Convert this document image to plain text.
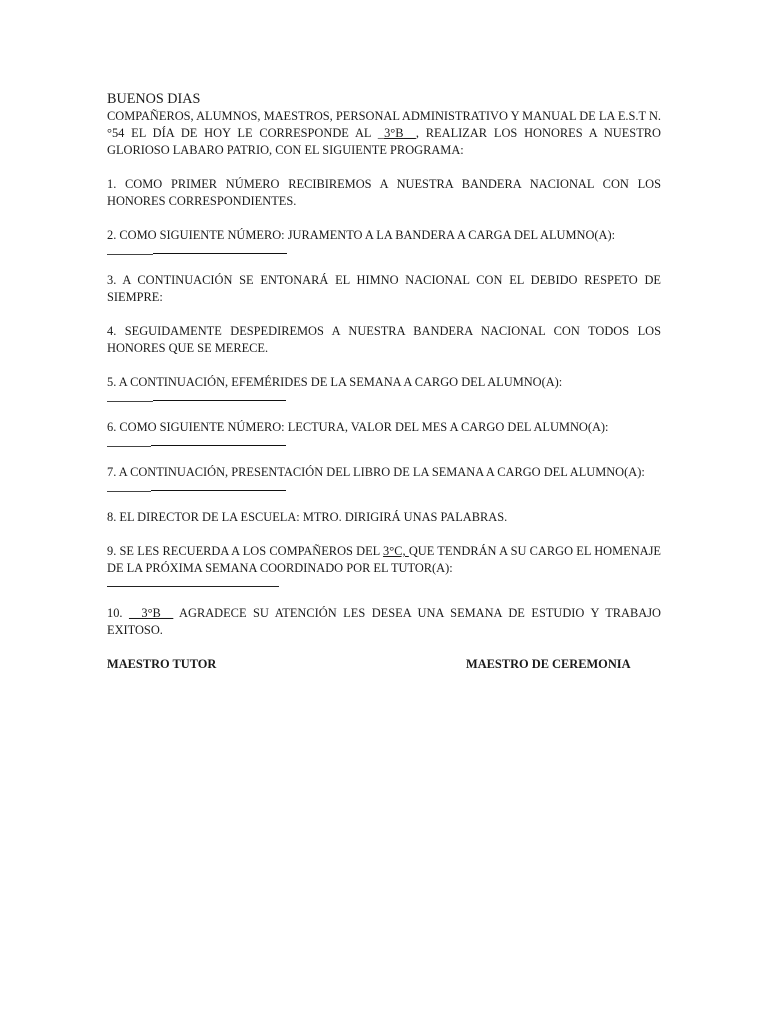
BUENOS DIAS

COMPAÑEROS, ALUMNOS, MAESTROS, PERSONAL ADMINISTRATIVO Y MANUAL DE LA E.S.T N.°54 EL DÍA DE HOY LE CORRESPONDE AL _3°B__, REALIZAR LOS HONORES A NUESTRO GLORIOSO LABARO PATRIO, CON EL SIGUIENTE PROGRAMA:

1. COMO PRIMER NÚMERO RECIBIREMOS A NUESTRA BANDERA NACIONAL CON LOS HONORES CORRESPONDIENTES.

2. COMO SIGUIENTE NÚMERO: JURAMENTO A LA BANDERA A CARGA DEL ALUMNO(A):

3. A CONTINUACIÓN SE ENTONARÁ EL HIMNO NACIONAL CON EL DEBIDO RESPETO DE SIEMPRE:

4. SEGUIDAMENTE DESPEDIREMOS A NUESTRA BANDERA NACIONAL CON TODOS LOS HONORES QUE SE MERECE.

5. A CONTINUACIÓN, EFEMÉRIDES DE LA SEMANA A CARGO DEL ALUMNO(A):

6. COMO SIGUIENTE NÚMERO: LECTURA, VALOR DEL MES A CARGO DEL ALUMNO(A):

7. A CONTINUACIÓN, PRESENTACIÓN DEL LIBRO DE LA SEMANA A CARGO DEL ALUMNO(A):

8. EL DIRECTOR DE LA ESCUELA: MTRO. DIRIGIRÁ UNAS PALABRAS.

9. SE LES RECUERDA A LOS COMPAÑEROS DEL 3°C, QUE TENDRÁN A SU CARGO EL HOMENAJE DE LA PRÓXIMA SEMANA COORDINADO POR EL TUTOR(A):

10. __3°B__ AGRADECE SU ATENCIÓN LES DESEA UNA SEMANA DE ESTUDIO Y TRABAJO EXITOSO.

MAESTRO TUTOR	MAESTRO DE CEREMONIA
